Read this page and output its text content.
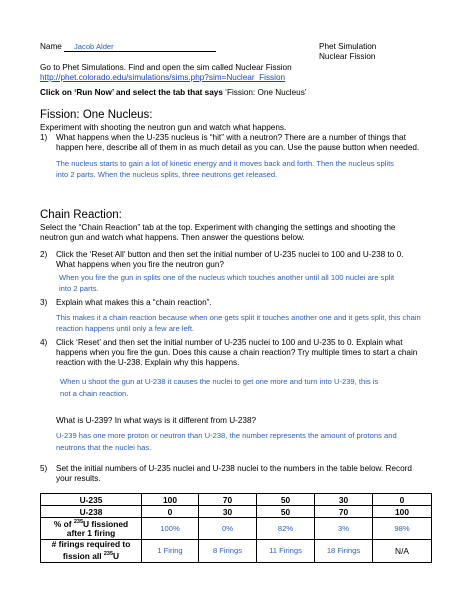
Name Jacob Alder	Phet Simulation
Nuclear Fission
Go to Phet Simulations. Find and open the sim called Nuclear Fission
http://phet.colorado.edu/simulations/sims.php?sim=Nuclear_Fission
Click on ‘Run Now’ and select the tab that says ‘Fission: One Nucleus’
Fission: One Nucleus:
Experiment with shooting the neutron gun and watch what happens.
1) What happens when the U-235 nucleus is “hit” with a neutron? There are a number of things that
happen here, describe all of them in as much detail as you can. Use the pause button when needed.
The nucleus starts to gain a lot of kinetic energy and it moves back and forth. Then the nucleus splits
into 2 parts. When the nucleus splits, three neutrons get released.
Chain Reaction:
Select the “Chain Reaction” tab at the top. Experiment with changing the settings and shooting the
neutron gun and watch what happens. Then answer the questions below.
2) Click the ‘Reset All’ button and then set the initial number of U-235 nuclei to 100 and U-238 to 0.
What happens when you fire the neutron gun?
When you fire the gun in splits one of the nucleus which touches another until all 100 nuclei are split
into 2 parts.
3) Explain what makes this a “chain reaction”.
This makes it a chain reaction because when one gets split it touches another one and it gets split, this chain
reaction happens until only a few are left.
4) Click ‘Reset’ and then set the initial number of U-235 nuclei to 100 and U-235 to 0. Explain what
happens when you fire the gun. Does this cause a chain reaction? Try multiple times to start a chain
reaction with the U-238. Explain why this happens.
When u shoot the gun at U-238 it causes the nuclei to get one more and turn into U-239, this is
not a chain reaction.
What is U-239? In what ways is it different from U-238?
U-239 has one more proton or neutron than U-238, the number represents the amount of protons and
neutrons that the nuclei has.
5) Set the initial numbers of U-235 nuclei and U-238 nuclei to the numbers in the table below. Record
your results.
U-235	100	70	50	30	0
U-238	0	30	50	70	100
% of $^{235}$U fissioned
after 1 firing	100%	0%	82%	3%	98%
# firings required to
fission all $^{235}$U	1 Firing	8 Firings	11 Firings	18 Firings	N/A
